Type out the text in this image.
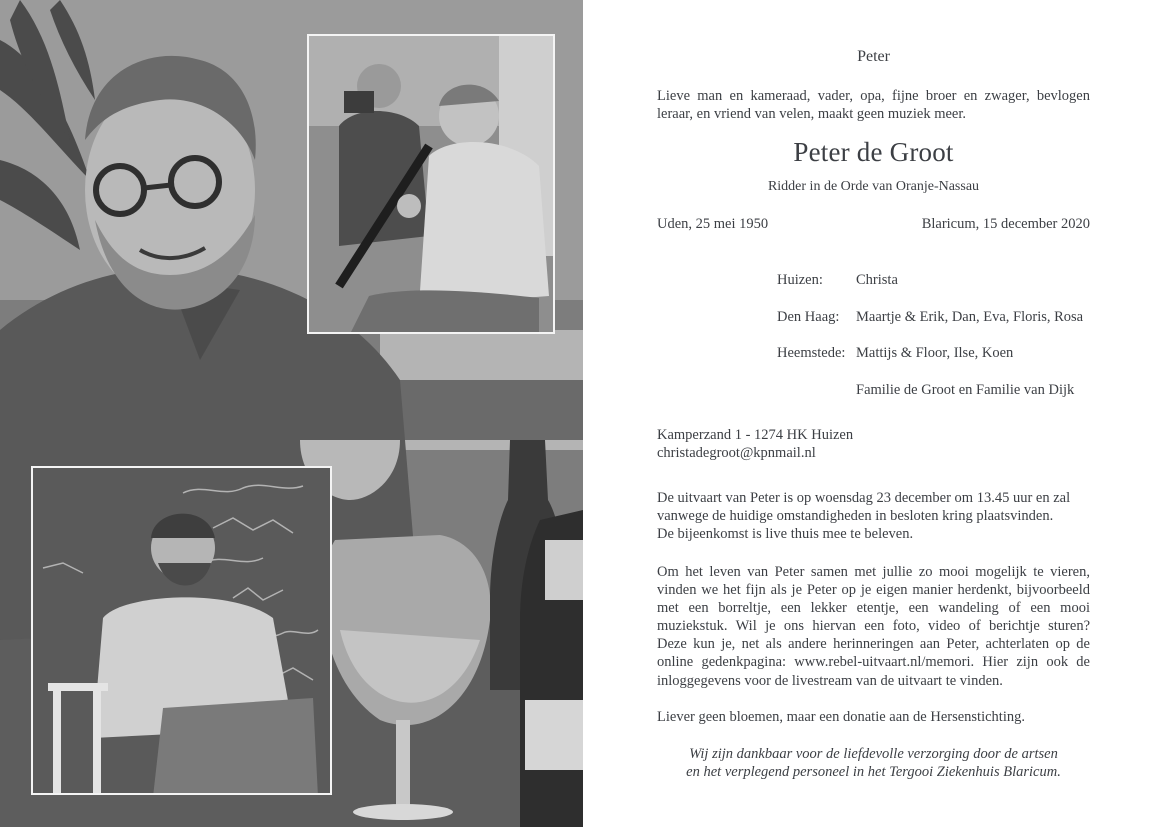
Peter
Lieve man en kameraad, vader, opa, fijne broer en zwager, bevlogen leraar, en vriend van velen, maakt geen muziek meer.
Peter de Groot
Ridder in de Orde van Oranje-Nassau
Uden, 25 mei 1950	Blaricum, 15 december 2020
Huizen: Christa
Den Haag: Maartje & Erik, Dan, Eva, Floris, Rosa
Heemstede: Mattijs & Floor, Ilse, Koen
Familie de Groot en Familie van Dijk
Kamperzand 1 - 1274 HK Huizen
christadegroot@kpnmail.nl
De uitvaart van Peter is op woensdag 23 december om 13.45 uur en zal
vanwege de huidige omstandigheden in besloten kring plaatsvinden.
De bijeenkomst is live thuis mee te beleven.
Om het leven van Peter samen met jullie zo mooi mogelijk te vieren,
vinden we het fijn als je Peter op je eigen manier herdenkt, bijvoorbeeld
met een borreltje, een lekker etentje, een wandeling of een mooi
muziekstuk. Wil je ons hiervan een foto, video of berichtje sturen?
Deze kun je, net als andere herinneringen aan Peter, achterlaten op de
online gedenkpagina: www.rebel-uitvaart.nl/memori. Hier zijn ook de
inloggegevens voor de livestream van de uitvaart te vinden.
Liever geen bloemen, maar een donatie aan de Hersenstichting.
Wij zijn dankbaar voor de liefdevolle verzorging door de artsen
en het verplegend personeel in het Tergooi Ziekenhuis Blaricum.
